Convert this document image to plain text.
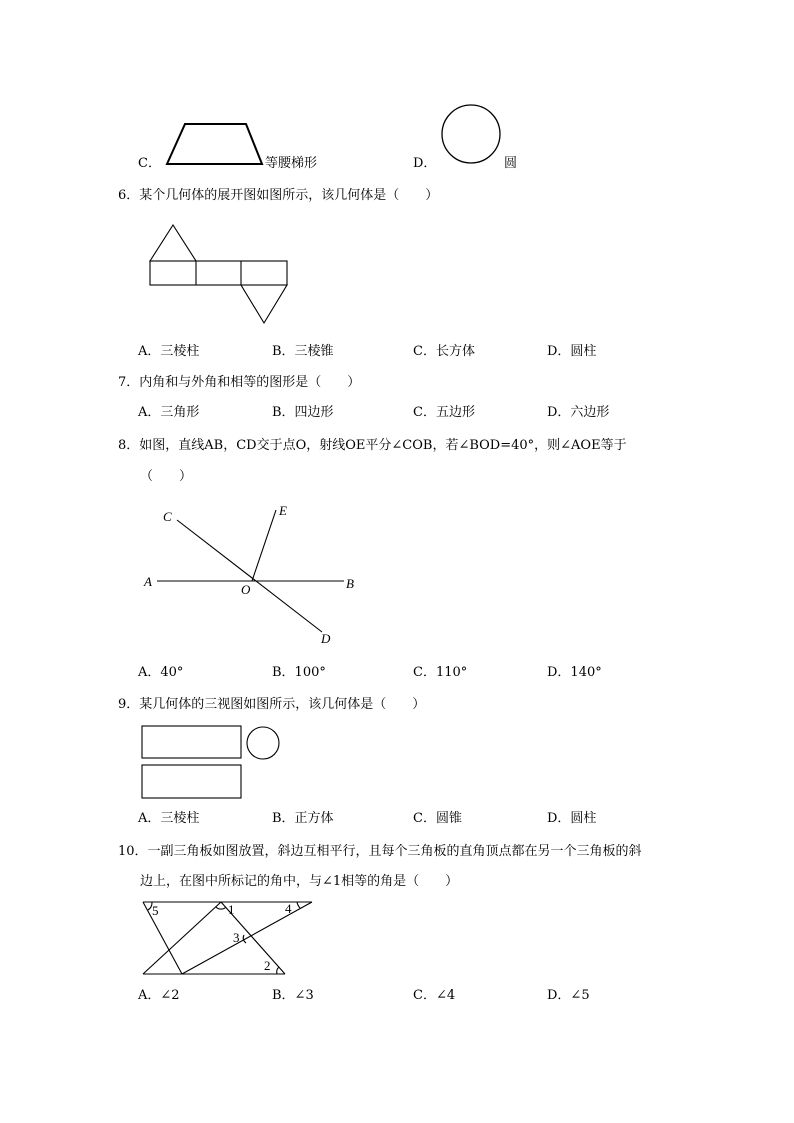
C．	等腰梯形	D．	圆
6．某个几何体的展开图如图所示，该几何体是（　　）
A．三棱柱	B．三棱锥	C．长方体	D．圆柱
7．内角和与外角和相等的图形是（　　）
A．三角形	B．四边形	C．五边形	D．六边形
8．如图，直线AB，CD交于点O，射线OE平分∠COB，若∠BOD=40°，则∠AOE等于
（　　）
C	E
A
O	B
D
A．40°	B．100°	C．110°	D．140°
9．某几何体的三视图如图所示，该几何体是（　　）
A．三棱柱	B．正方体	C．圆锥	D．圆柱
10．一副三角板如图放置，斜边互相平行，且每个三角板的直角顶点都在另一个三角板的斜
边上，在图中所标记的角中，与∠1相等的角是（　　）
5	1	4
3
2
A．∠2	B．∠3	C．∠4	D．∠5
